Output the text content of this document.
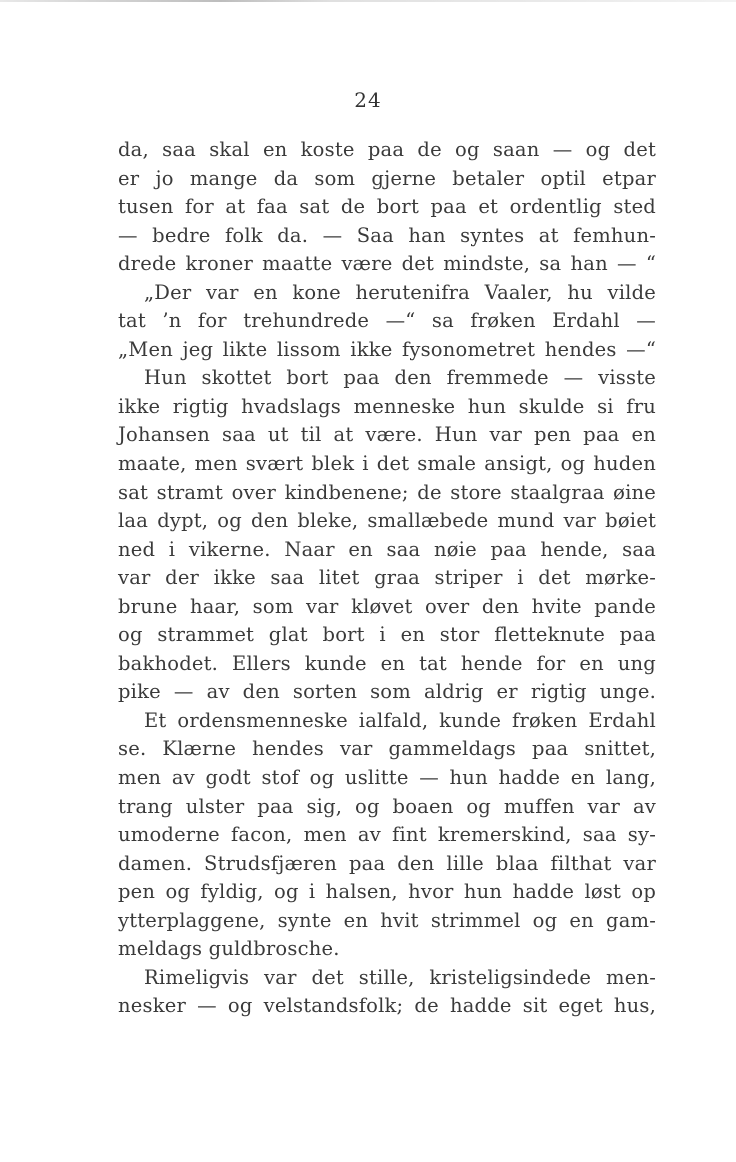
24
da, saa skal en koste paa de og saan — og det
er jo mange da som gjerne betaler optil etpar
tusen for at faa sat de bort paa et ordentlig sted
— bedre folk da. — Saa han syntes at femhun-
drede kroner maatte være det mindste, sa han — “
„Der var en kone herutenifra Vaaler, hu vilde
tat ’n for trehundrede —“ sa frøken Erdahl —
„Men jeg likte lissom ikke fysonometret hendes —“
Hun skottet bort paa den fremmede — visste
ikke rigtig hvadslags menneske hun skulde si fru
Johansen saa ut til at være. Hun var pen paa en
maate, men svært blek i det smale ansigt, og huden
sat stramt over kindbenene; de store staalgraa øine
laa dypt, og den bleke, smallæbede mund var bøiet
ned i vikerne. Naar en saa nøie paa hende, saa
var der ikke saa litet graa striper i det mørke-
brune haar, som var kløvet over den hvite pande
og strammet glat bort i en stor fletteknute paa
bakhodet. Ellers kunde en tat hende for en ung
pike — av den sorten som aldrig er rigtig unge.
Et ordensmenneske ialfald, kunde frøken Erdahl
se. Klærne hendes var gammeldags paa snittet,
men av godt stof og uslitte — hun hadde en lang,
trang ulster paa sig, og boaen og muffen var av
umoderne facon, men av fint kremerskind, saa sy-
damen. Strudsfjæren paa den lille blaa filthat var
pen og fyldig, og i halsen, hvor hun hadde løst op
ytterplaggene, synte en hvit strimmel og en gam-
meldags guldbrosche.
Rimeligvis var det stille, kristeligsindede men-
nesker — og velstandsfolk; de hadde sit eget hus,
